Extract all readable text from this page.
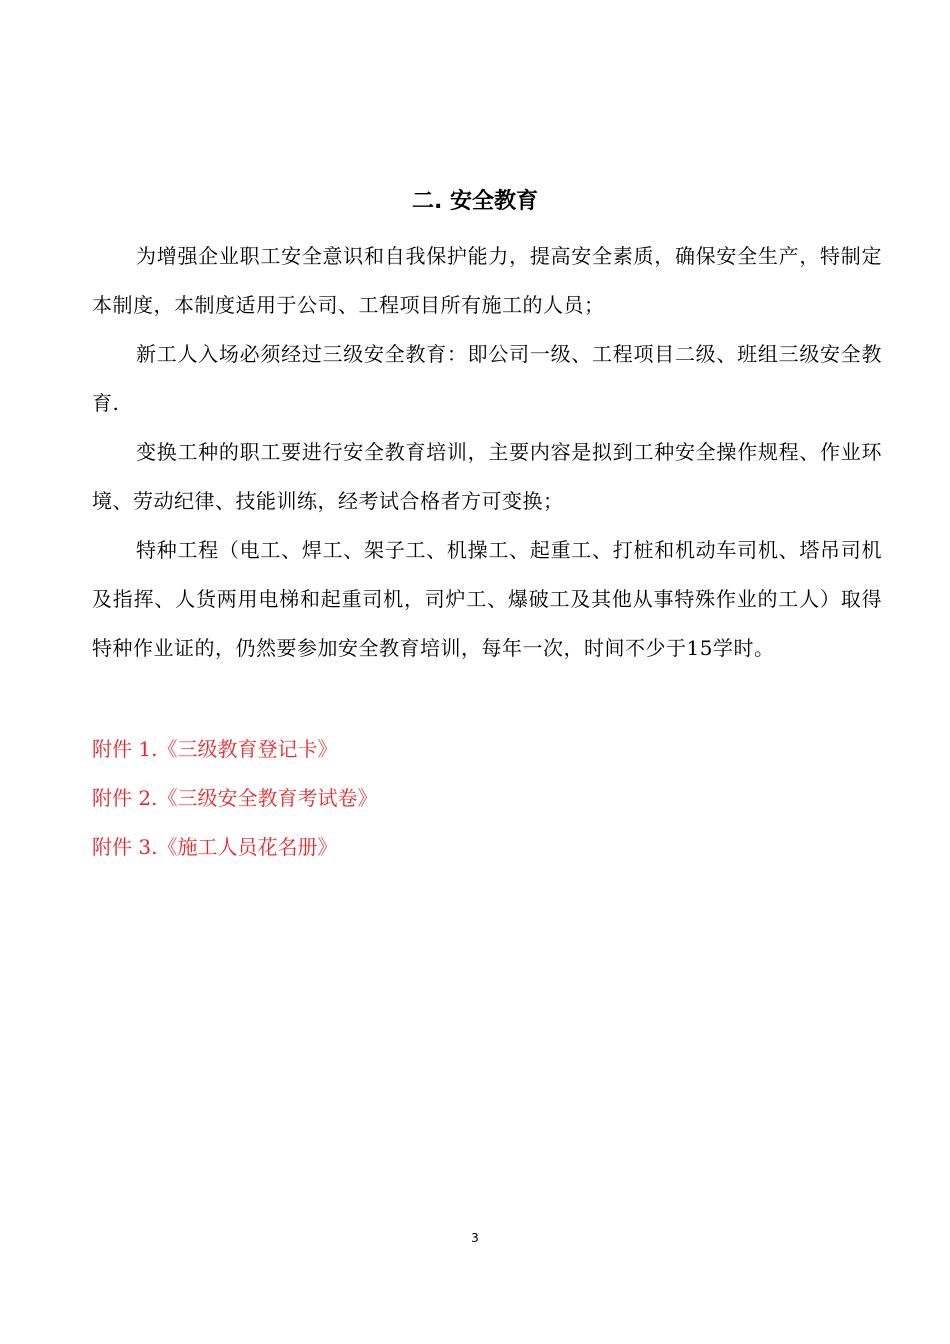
二. 安全教育

为增强企业职工安全意识和自我保护能力，提高安全素质，确保安全生产，特制定本制度，本制度适用于公司、工程项目所有施工的人员；

新工人入场必须经过三级安全教育：即公司一级、工程项目二级、班组三级安全教育.

变换工种的职工要进行安全教育培训，主要内容是拟到工种安全操作规程、作业环境、劳动纪律、技能训练，经考试合格者方可变换；

特种工程（电工、焊工、架子工、机操工、起重工、打桩和机动车司机、塔吊司机及指挥、人货两用电梯和起重司机，司炉工、爆破工及其他从事特殊作业的工人）取得特种作业证的，仍然要参加安全教育培训，每年一次，时间不少于15学时。

附件 1.《三级教育登记卡》
附件 2.《三级安全教育考试卷》
附件 3.《施工人员花名册》
3
